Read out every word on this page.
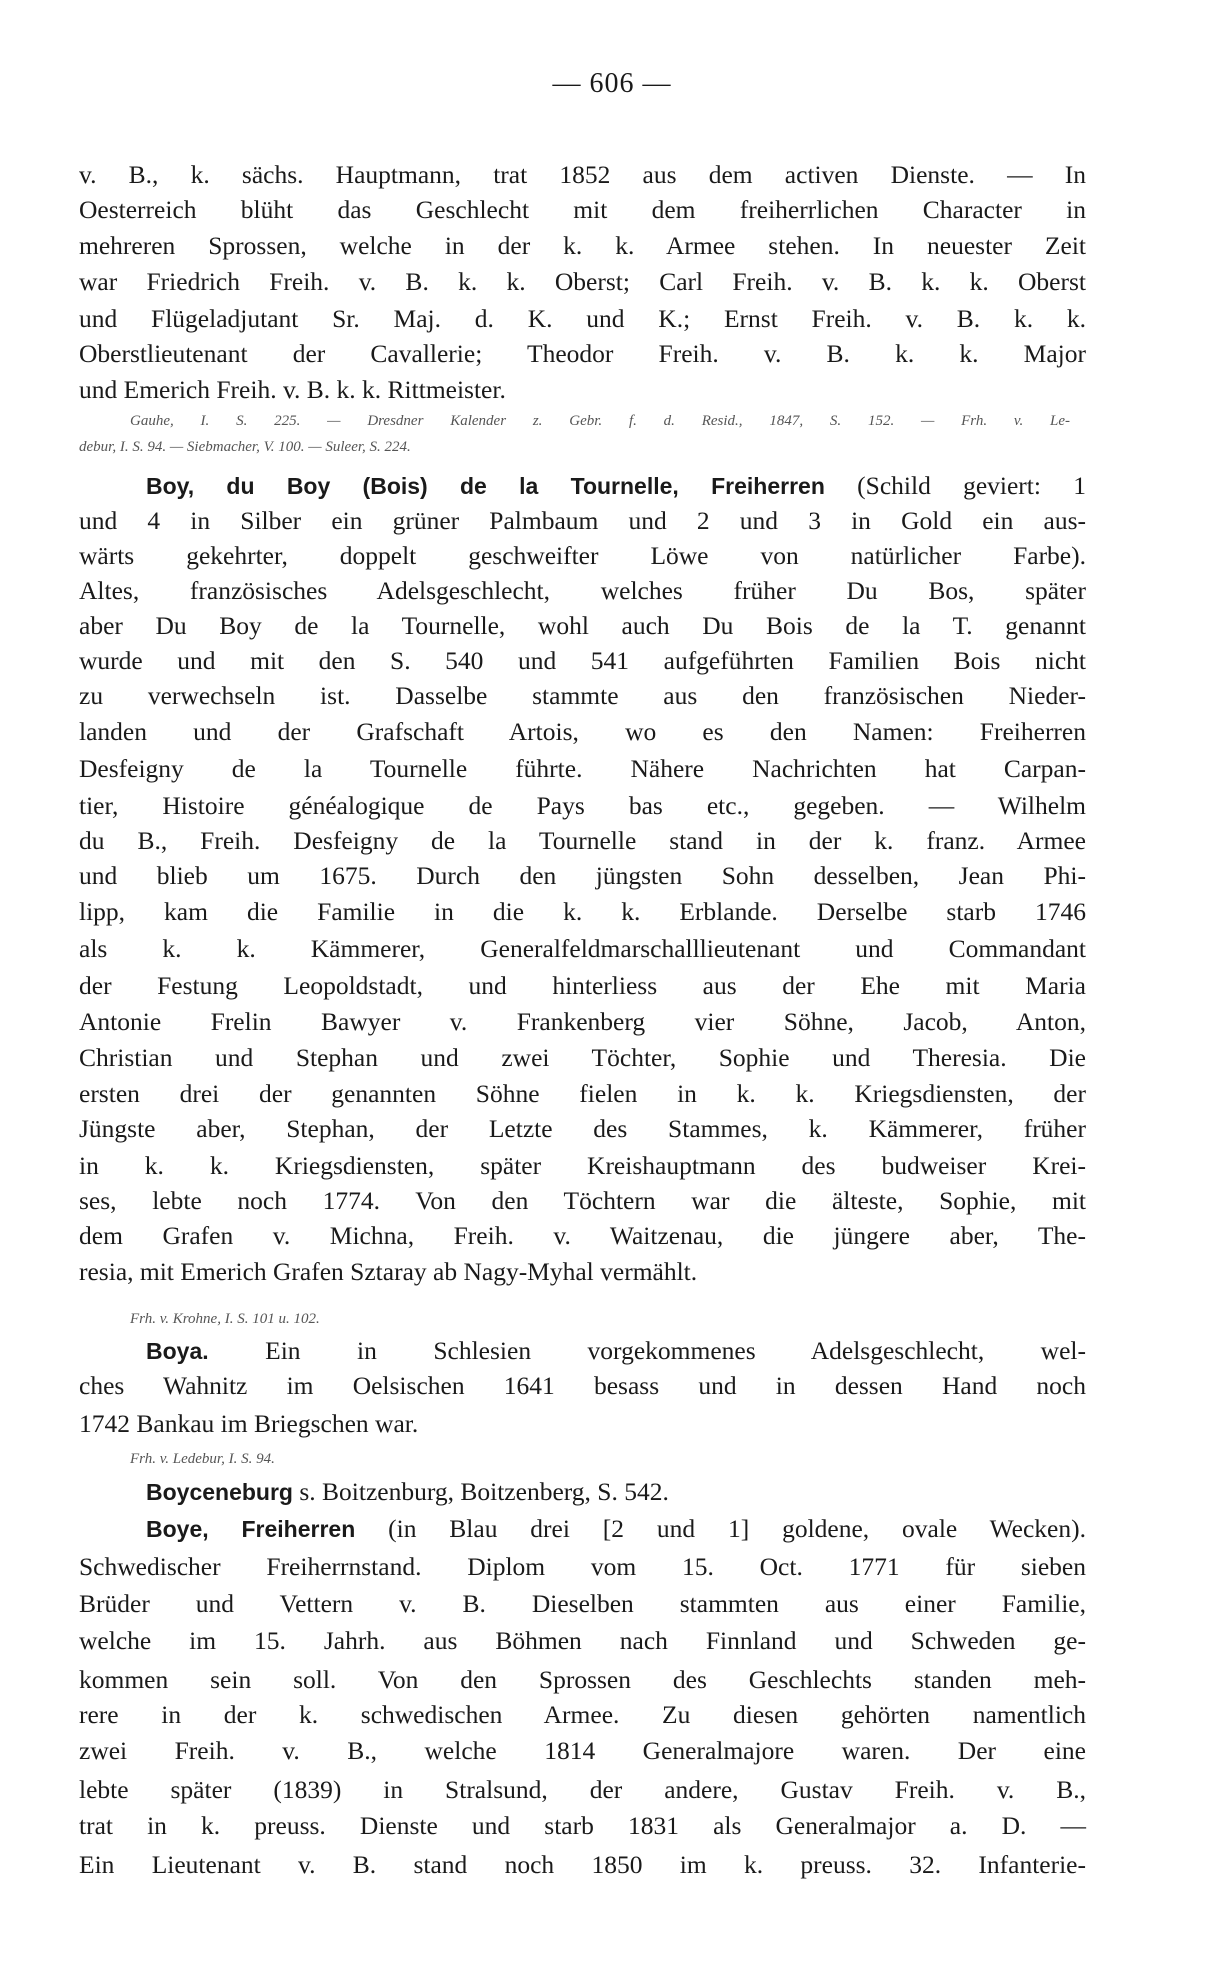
— 606 —
v. B., k. sächs. Hauptmann, trat 1852 aus dem activen Dienste. — In
Oesterreich blüht das Geschlecht mit dem freiherrlichen Character in
mehreren Sprossen, welche in der k. k. Armee stehen. In neuester Zeit
war Friedrich Freih. v. B. k. k. Oberst; Carl Freih. v. B. k. k. Oberst
und Flügeladjutant Sr. Maj. d. K. und K.; Ernst Freih. v. B. k. k.
Oberstlieutenant der Cavallerie; Theodor Freih. v. B. k. k. Major
und Emerich Freih. v. B. k. k. Rittmeister.
Gauhe, I. S. 225. — Dresdner Kalender z. Gebr. f. d. Resid., 1847, S. 152. — Frh. v. Le-
debur, I. S. 94. — Siebmacher, V. 100. — Suleer, S. 224.
Boy, du Boy (Bois) de la Tournelle, Freiherren (Schild geviert: 1
und 4 in Silber ein grüner Palmbaum und 2 und 3 in Gold ein aus-
wärts gekehrter, doppelt geschweifter Löwe von natürlicher Farbe).
Altes, französisches Adelsgeschlecht, welches früher Du Bos, später
aber Du Boy de la Tournelle, wohl auch Du Bois de la T. genannt
wurde und mit den S. 540 und 541 aufgeführten Familien Bois nicht
zu verwechseln ist. Dasselbe stammte aus den französischen Nieder-
landen und der Grafschaft Artois, wo es den Namen: Freiherren
Desfeigny de la Tournelle führte. Nähere Nachrichten hat Carpan-
tier, Histoire généalogique de Pays bas etc., gegeben. — Wilhelm
du B., Freih. Desfeigny de la Tournelle stand in der k. franz. Armee
und blieb um 1675. Durch den jüngsten Sohn desselben, Jean Phi-
lipp, kam die Familie in die k. k. Erblande. Derselbe starb 1746
als k. k. Kämmerer, Generalfeldmarschalllieutenant und Commandant
der Festung Leopoldstadt, und hinterliess aus der Ehe mit Maria
Antonie Frelin Bawyer v. Frankenberg vier Söhne, Jacob, Anton,
Christian und Stephan und zwei Töchter, Sophie und Theresia. Die
ersten drei der genannten Söhne fielen in k. k. Kriegsdiensten, der
Jüngste aber, Stephan, der Letzte des Stammes, k. Kämmerer, früher
in k. k. Kriegsdiensten, später Kreishauptmann des budweiser Krei-
ses, lebte noch 1774. Von den Töchtern war die älteste, Sophie, mit
dem Grafen v. Michna, Freih. v. Waitzenau, die jüngere aber, The-
resia, mit Emerich Grafen Sztaray ab Nagy-Myhal vermählt.
Frh. v. Krohne, I. S. 101 u. 102.
Boya. Ein in Schlesien vorgekommenes Adelsgeschlecht, wel-
ches Wahnitz im Oelsischen 1641 besass und in dessen Hand noch
1742 Bankau im Briegschen war.
Frh. v. Ledebur, I. S. 94.
Boyceneburg s. Boitzenburg, Boitzenberg, S. 542.
Boye, Freiherren (in Blau drei [2 und 1] goldene, ovale Wecken).
Schwedischer Freiherrnstand. Diplom vom 15. Oct. 1771 für sieben
Brüder und Vettern v. B. Dieselben stammten aus einer Familie,
welche im 15. Jahrh. aus Böhmen nach Finnland und Schweden ge-
kommen sein soll. Von den Sprossen des Geschlechts standen meh-
rere in der k. schwedischen Armee. Zu diesen gehörten namentlich
zwei Freih. v. B., welche 1814 Generalmajore waren. Der eine
lebte später (1839) in Stralsund, der andere, Gustav Freih. v. B.,
trat in k. preuss. Dienste und starb 1831 als Generalmajor a. D. —
Ein Lieutenant v. B. stand noch 1850 im k. preuss. 32. Infanterie-
